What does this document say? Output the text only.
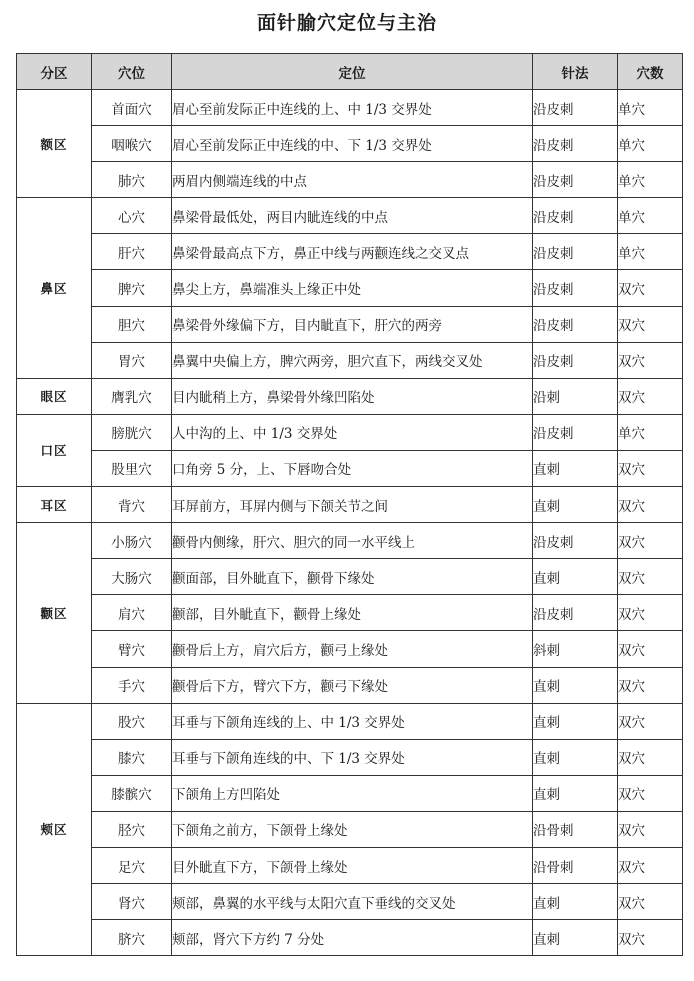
面针腧穴定位与主治
分区	穴位	定位	针法	穴数
额区	首面穴	眉心至前发际正中连线的上、中 1/3 交界处	沿皮刺	单穴
	咽喉穴	眉心至前发际正中连线的中、下 1/3 交界处	沿皮刺	单穴
	肺穴	两眉内侧端连线的中点	沿皮刺	单穴
鼻区	心穴	鼻梁骨最低处，两目内眦连线的中点	沿皮刺	单穴
	肝穴	鼻梁骨最高点下方，鼻正中线与两颧连线之交叉点	沿皮刺	单穴
	脾穴	鼻尖上方，鼻端准头上缘正中处	沿皮刺	双穴
	胆穴	鼻梁骨外缘偏下方，目内眦直下，肝穴的两旁	沿皮刺	双穴
	胃穴	鼻翼中央偏上方，脾穴两旁，胆穴直下，两线交叉处	沿皮刺	双穴
眼区	膺乳穴	目内眦稍上方，鼻梁骨外缘凹陷处	沿刺	双穴
口区	膀胱穴	人中沟的上、中 1/3 交界处	沿皮刺	单穴
	股里穴	口角旁 5 分，上、下唇吻合处	直刺	双穴
耳区	背穴	耳屏前方，耳屏内侧与下颌关节之间	直刺	双穴
颧区	小肠穴	颧骨内侧缘，肝穴、胆穴的同一水平线上	沿皮刺	双穴
	大肠穴	颧面部，目外眦直下，颧骨下缘处	直刺	双穴
	肩穴	颧部，目外眦直下，颧骨上缘处	沿皮刺	双穴
	臂穴	颧骨后上方，肩穴后方，颧弓上缘处	斜刺	双穴
	手穴	颧骨后下方，臂穴下方，颧弓下缘处	直刺	双穴
颊区	股穴	耳垂与下颌角连线的上、中 1/3 交界处	直刺	双穴
	膝穴	耳垂与下颌角连线的中、下 1/3 交界处	直刺	双穴
	膝髌穴	下颌角上方凹陷处	直刺	双穴
	胫穴	下颌角之前方，下颌骨上缘处	沿骨刺	双穴
	足穴	目外眦直下方，下颌骨上缘处	沿骨刺	双穴
	肾穴	颊部，鼻翼的水平线与太阳穴直下垂线的交叉处	直刺	双穴
	脐穴	颊部，肾穴下方约 7 分处	直刺	双穴
